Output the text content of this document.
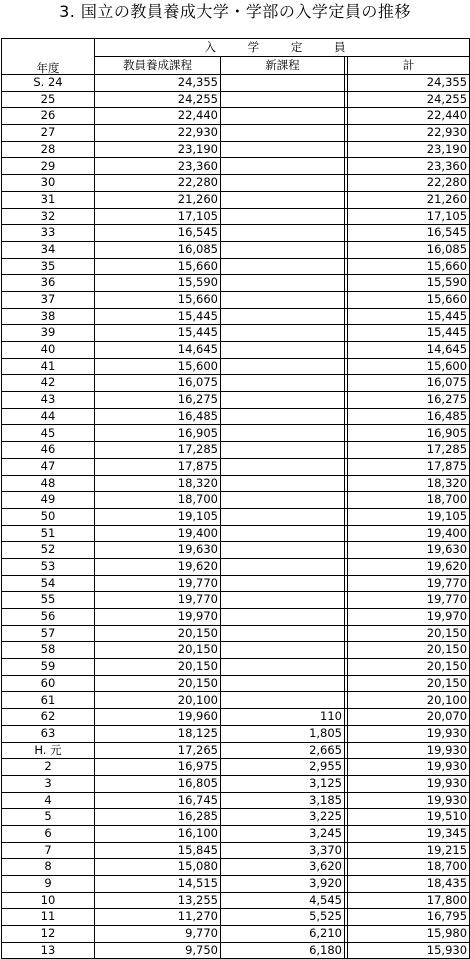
3. 国立の教員養成大学・学部の入学定員の推移
年度	入 学 定 員			
	教員養成課程	新課程		計
S. 24	24,355			24,355
25	24,255			24,255
26	22,440			22,440
27	22,930			22,930
28	23,190			23,190
29	23,360			23,360
30	22,280			22,280
31	21,260			21,260
32	17,105			17,105
33	16,545			16,545
34	16,085			16,085
35	15,660			15,660
36	15,590			15,590
37	15,660			15,660
38	15,445			15,445
39	15,445			15,445
40	14,645			14,645
41	15,600			15,600
42	16,075			16,075
43	16,275			16,275
44	16,485			16,485
45	16,905			16,905
46	17,285			17,285
47	17,875			17,875
48	18,320			18,320
49	18,700			18,700
50	19,105			19,105
51	19,400			19,400
52	19,630			19,630
53	19,620			19,620
54	19,770			19,770
55	19,770			19,770
56	19,970			19,970
57	20,150			20,150
58	20,150			20,150
59	20,150			20,150
60	20,150			20,150
61	20,100			20,100
62	19,960	110		20,070
63	18,125	1,805		19,930
H. 元	17,265	2,665		19,930
2	16,975	2,955		19,930
3	16,805	3,125		19,930
4	16,745	3,185		19,930
5	16,285	3,225		19,510
6	16,100	3,245		19,345
7	15,845	3,370		19,215
8	15,080	3,620		18,700
9	14,515	3,920		18,435
10	13,255	4,545		17,800
11	11,270	5,525		16,795
12	9,770	6,210		15,980
13	9,750	6,180		15,930
